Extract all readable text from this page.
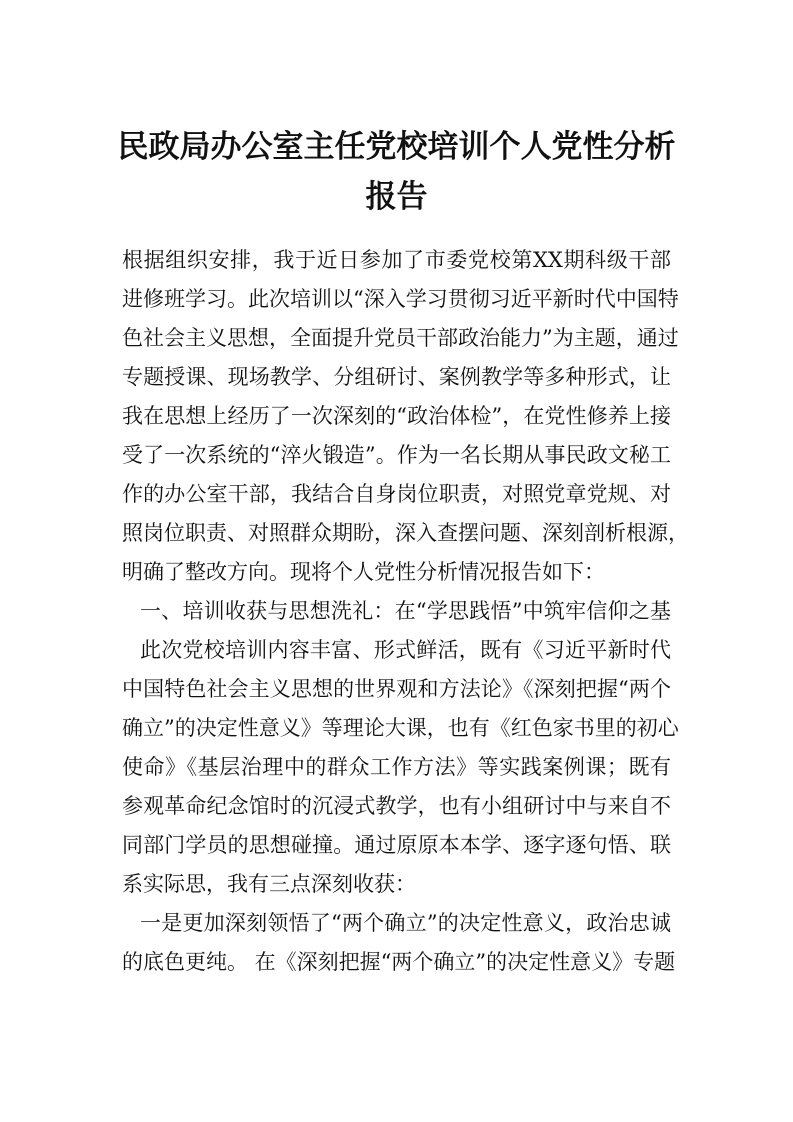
民政局办公室主任党校培训个人党性分析
报告

根据组织安排，我于近日参加了市委党校第XX期科级干部

进修班学习。此次培训以“深入学习贯彻习近平新时代中国特

色社会主义思想，全面提升党员干部政治能力”为主题，通过

专题授课、现场教学、分组研讨、案例教学等多种形式，让

我在思想上经历了一次深刻的“政治体检”，在党性修养上接

受了一次系统的“淬火锻造”。作为一名长期从事民政文秘工

作的办公室干部，我结合自身岗位职责，对照党章党规、对

照岗位职责、对照群众期盼，深入查摆问题、深刻剖析根源，

明确了整改方向。现将个人党性分析情况报告如下：

一、培训收获与思想洗礼：在“学思践悟”中筑牢信仰之基

此次党校培训内容丰富、形式鲜活，既有《习近平新时代

中国特色社会主义思想的世界观和方法论》《深刻把握“两个

确立”的决定性意义》等理论大课，也有《红色家书里的初心

使命》《基层治理中的群众工作方法》等实践案例课；既有

参观革命纪念馆时的沉浸式教学，也有小组研讨中与来自不

同部门学员的思想碰撞。通过原原本本学、逐字逐句悟、联

系实际思，我有三点深刻收获：

一是更加深刻领悟了“两个确立”的决定性意义，政治忠诚

的底色更纯。 在《深刻把握“两个确立”的决定性意义》专题
